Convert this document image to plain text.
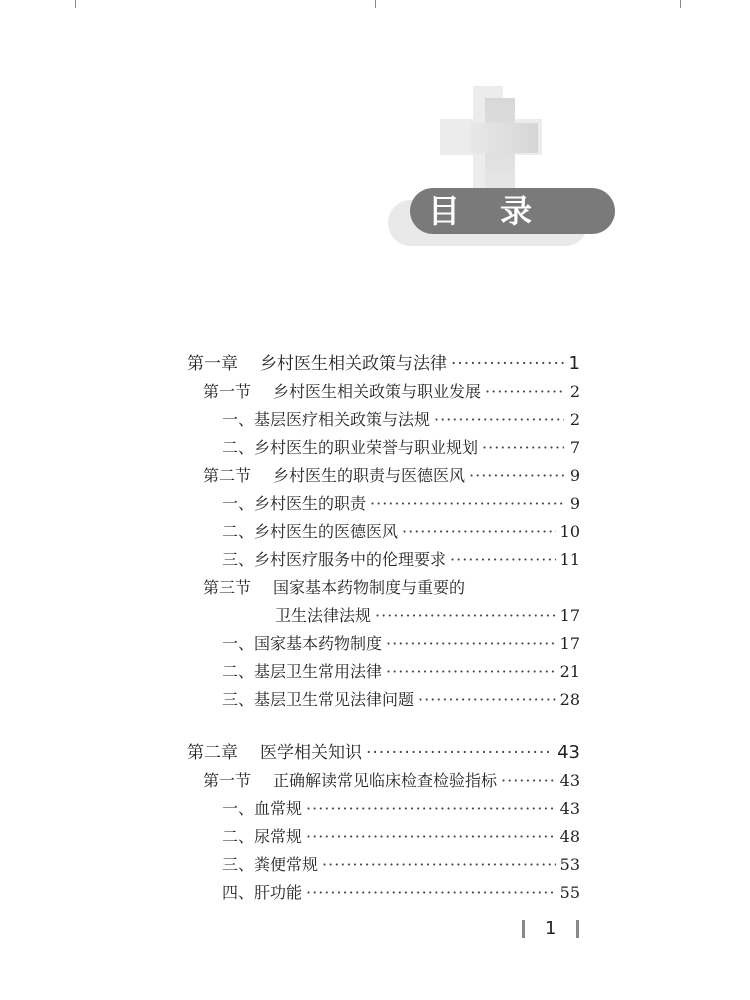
目 录
第一章 乡村医生相关政策与法律 ·····	1
第一节 乡村医生相关政策与职业发展 ·····	2
一、基层医疗相关政策与法规 ·····	2
二、乡村医生的职业荣誉与职业规划 ·····	7
第二节 乡村医生的职责与医德医风 ·····	9
一、乡村医生的职责 ·····	9
二、乡村医生的医德医风 ·····	10
三、乡村医疗服务中的伦理要求 ·····	11
第三节 国家基本药物制度与重要的
卫生法律法规 ·····	17
一、国家基本药物制度 ·····	17
二、基层卫生常用法律 ·····	21
三、基层卫生常见法律问题 ·····	28
第二章 医学相关知识 ·····	43
第一节 正确解读常见临床检查检验指标 ·····	43
一、血常规 ·····	43
二、尿常规 ·····	48
三、粪便常规 ·····	53
四、肝功能 ·····	55
1
